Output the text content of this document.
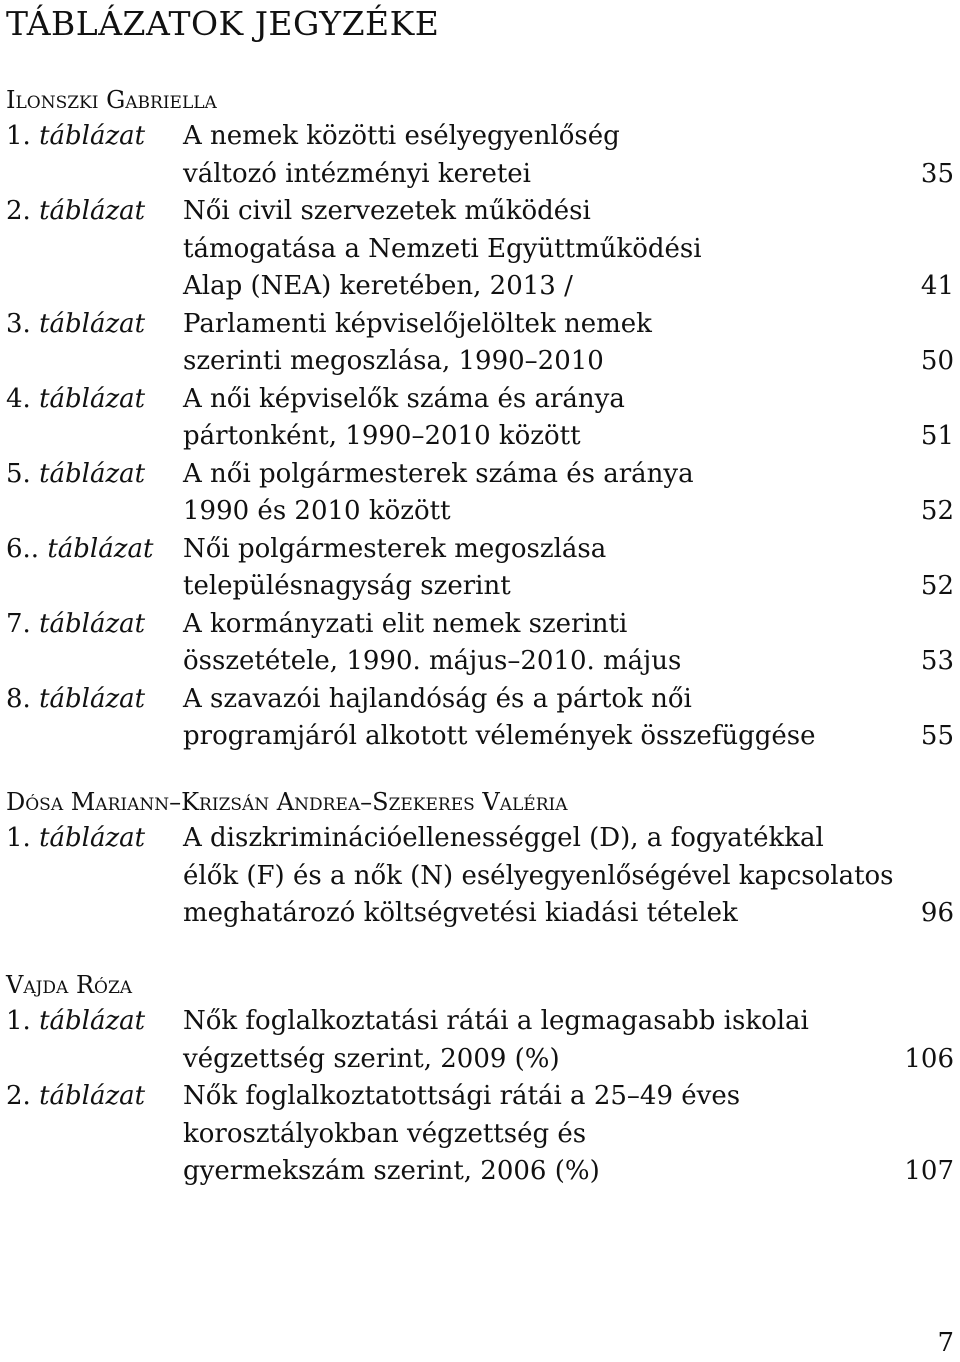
TÁBLÁZATOK JEGYZÉKE
Ilonszki Gabriella
1. táblázat A nemek közötti esélyegyenlőség
változó intézményi keretei	35
2. táblázat Női civil szervezetek működési
támogatása a Nemzeti Együttműködési
Alap (NEA) keretében, 2013 /	41
3. táblázat Parlamenti képviselőjelöltek nemek
szerinti megoszlása, 1990–2010	50
4. táblázat A női képviselők száma és aránya
pártonként, 1990–2010 között	51
5. táblázat A női polgármesterek száma és aránya
1990 és 2010 között	52
6.. táblázat Női polgármesterek megoszlása
településnagyság szerint	52
7. táblázat A kormányzati elit nemek szerinti
összetétele, 1990. május–2010. május	53
8. táblázat A szavazói hajlandóság és a pártok női
programjáról alkotott vélemények összefüggése	55
Dósa Mariann–Krizsán Andrea–Szekeres Valéria
1. táblázat A diszkriminációellenességgel (D), a fogyatékkal
élők (F) és a nők (N) esélyegyenlőségével kapcsolatos
meghatározó költségvetési kiadási tételek	96
Vajda Róza
1. táblázat Nők foglalkoztatási rátái a legmagasabb iskolai
végzettség szerint, 2009 (%)	106
2. táblázat Nők foglalkoztatottsági rátái a 25–49 éves
korosztályokban végzettség és
gyermekszám szerint, 2006 (%)	107
7
